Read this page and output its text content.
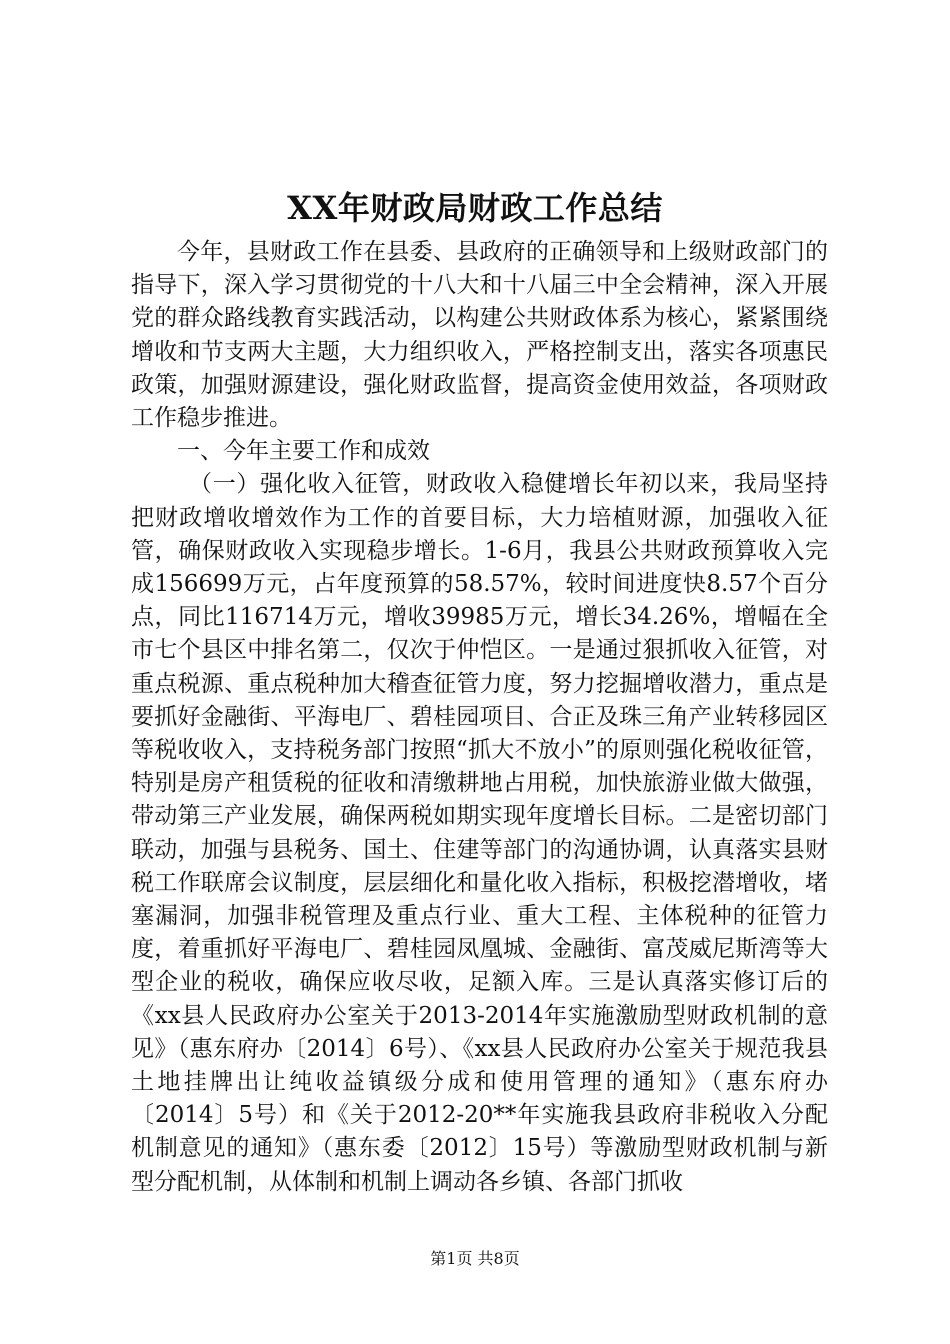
XX年财政局财政工作总结

今年，县财政工作在县委、县政府的正确领导和上级财政部门的指导下，深入学习贯彻党的十八大和十八届三中全会精神，深入开展党的群众路线教育实践活动，以构建公共财政体系为核心，紧紧围绕增收和节支两大主题，大力组织收入，严格控制支出，落实各项惠民政策，加强财源建设，强化财政监督，提高资金使用效益，各项财政工作稳步推进。

一、今年主要工作和成效

（一）强化收入征管，财政收入稳健增长年初以来，我局坚持把财政增收增效作为工作的首要目标，大力培植财源，加强收入征管，确保财政收入实现稳步增长。1-6月，我县公共财政预算收入完成156699万元，占年度预算的58.57%，较时间进度快8.57个百分点，同比116714万元，增收39985万元，增长34.26%，增幅在全市七个县区中排名第二，仅次于仲恺区。一是通过狠抓收入征管，对重点税源、重点税种加大稽查征管力度，努力挖掘增收潜力，重点是要抓好金融街、平海电厂、碧桂园项目、合正及珠三角产业转移园区等税收收入，支持税务部门按照“抓大不放小”的原则强化税收征管，特别是房产租赁税的征收和清缴耕地占用税，加快旅游业做大做强，带动第三产业发展，确保两税如期实现年度增长目标。二是密切部门联动，加强与县税务、国土、住建等部门的沟通协调，认真落实县财税工作联席会议制度，层层细化和量化收入指标，积极挖潜增收，堵塞漏洞，加强非税管理及重点行业、重大工程、主体税种的征管力度，着重抓好平海电厂、碧桂园凤凰城、金融街、富茂威尼斯湾等大型企业的税收，确保应收尽收，足额入库。三是认真落实修订后的《xx县人民政府办公室关于2013-2014年实施激励型财政机制的意见》（惠东府办〔2014〕6号）、《xx县人民政府办公室关于规范我县土地挂牌出让纯收益镇级分成和使用管理的通知》（惠东府办〔2014〕5号）和《关于2012-20**年实施我县政府非税收入分配机制意见的通知》（惠东委〔2012〕15号）等激励型财政机制与新型分配机制，从体制和机制上调动各乡镇、各部门抓收

第1页 共8页
